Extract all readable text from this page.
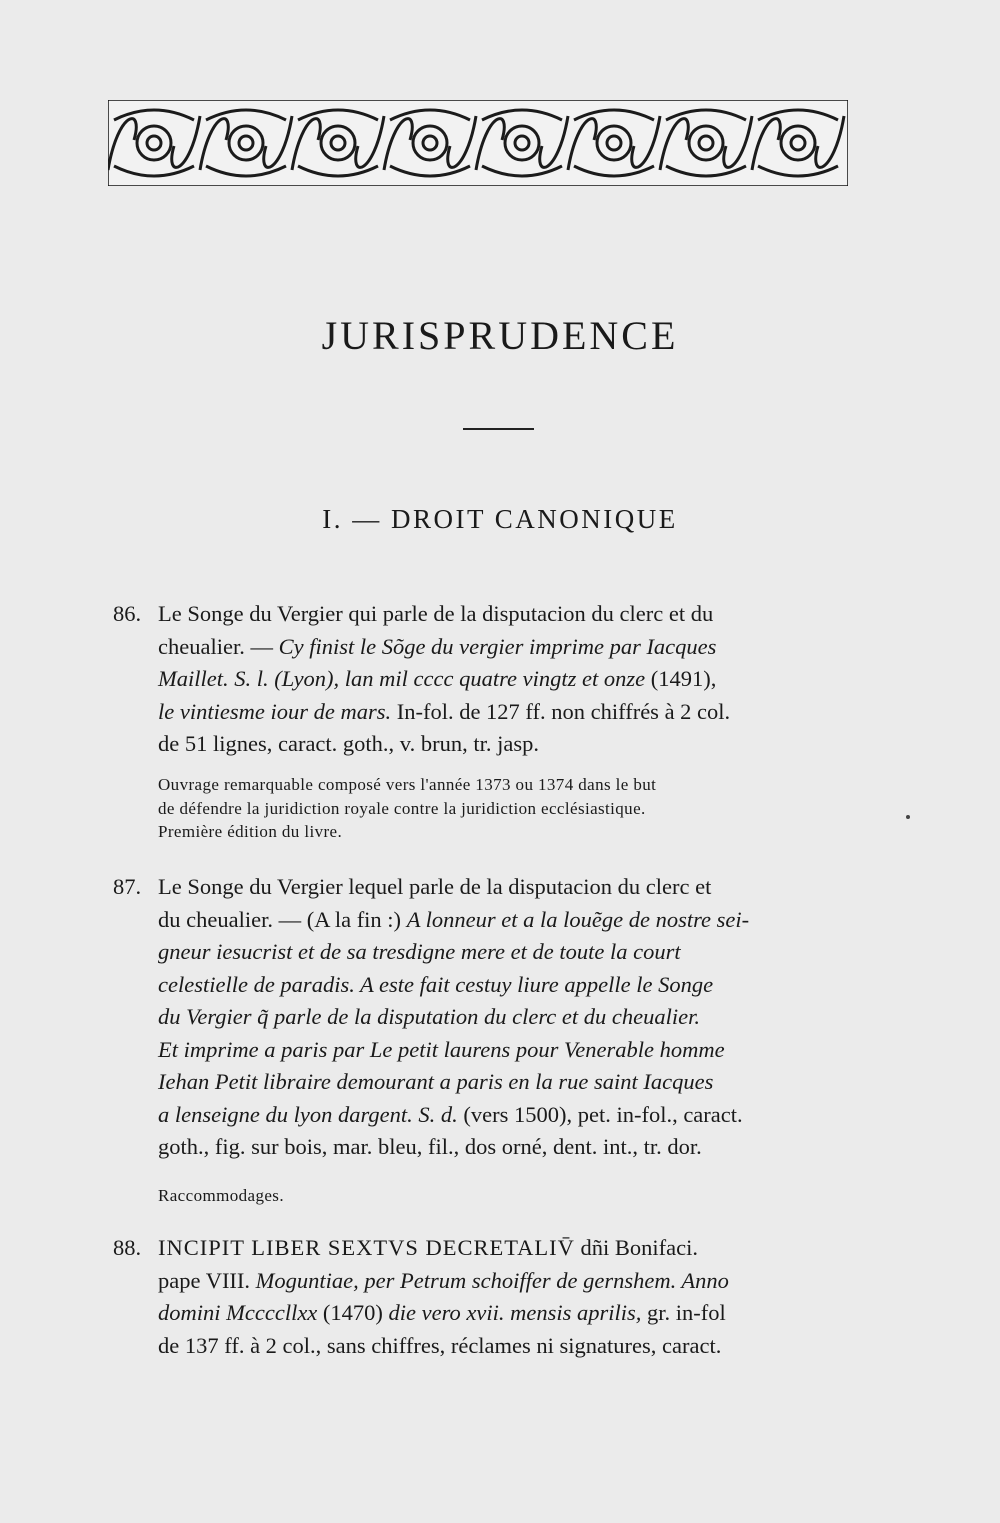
JURISPRUDENCE
I. — DROIT CANONIQUE
86. Le Songe du Vergier qui parle de la disputacion du clerc et du
cheualier. — Cy finist le Sõge du vergier imprime par Iacques
Maillet. S. l. (Lyon), lan mil cccc quatre vingtz et onze (1491),
le vintiesme iour de mars. In-fol. de 127 ff. non chiffrés à 2 col.
de 51 lignes, caract. goth., v. brun, tr. jasp.
Ouvrage remarquable composé vers l'année 1373 ou 1374 dans le but
de défendre la juridiction royale contre la juridiction ecclésiastique.
Première édition du livre.
87. Le Songe du Vergier lequel parle de la disputacion du clerc et
du cheualier. — (A la fin :) A lonneur et a la louẽge de nostre sei-
gneur iesucrist et de sa tresdigne mere et de toute la court
celestielle de paradis. A este fait cestuy liure appelle le Songe
du Vergier q̃ parle de la disputation du clerc et du cheualier.
Et imprime a paris par Le petit laurens pour Venerable homme
Iehan Petit libraire demourant a paris en la rue saint Iacques
a lenseigne du lyon dargent. S. d. (vers 1500), pet. in-fol., caract.
goth., fig. sur bois, mar. bleu, fil., dos orné, dent. int., tr. dor.
Raccommodages.
88. INCIPIT LIBER SEXTVS DECRETALIV̄ dñi Bonifaci.
pape VIII. Moguntiae, per Petrum schoiffer de gernshem. Anno
domini Mccccllxx (1470) die vero xvii. mensis aprilis, gr. in-fol
de 137 ff. à 2 col., sans chiffres, réclames ni signatures, caract.
